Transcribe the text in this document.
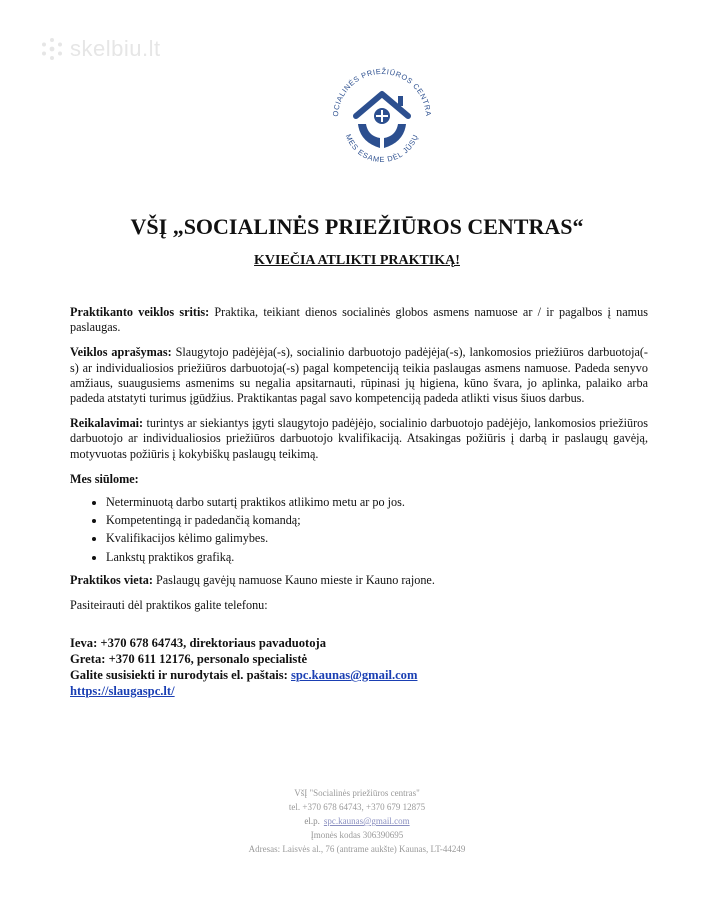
skelbiu.lt
OCIALINĖS PRIEŽIŪROS CENTRA
MES ESAME DĖL JŪSŲ
VŠĮ „SOCIALINĖS PRIEŽIŪROS CENTRAS“
KVIEČIA ATLIKTI PRAKTIKĄ!

Praktikanto veiklos sritis: Praktika, teikiant dienos socialinės globos asmens namuose ar / ir pagalbos į namus paslaugas.

Veiklos aprašymas: Slaugytojo padėjėja(-s), socialinio darbuotojo padėjėja(-s), lankomosios priežiūros darbuotoja(-s) ar individualiosios priežiūros darbuotoja(-s) pagal kompetenciją teikia paslaugas asmens namuose. Padeda senyvo amžiaus, suaugusiems asmenims su negalia apsitarnauti, rūpinasi jų higiena, kūno švara, jo aplinka, palaiko arba padeda atstatyti turimus įgūdžius. Praktikantas pagal savo kompetenciją padeda atlikti visus šiuos darbus.

Reikalavimai: turintys ar siekiantys įgyti slaugytojo padėjėjo, socialinio darbuotojo padėjėjo, lankomosios priežiūros darbuotojo ar individualiosios priežiūros darbuotojo kvalifikaciją. Atsakingas požiūris į darbą ir paslaugų gavėją, motyvuotas požiūris į kokybiškų paslaugų teikimą.

Mes siūlome:

• Neterminuotą darbo sutartį praktikos atlikimo metu ar po jos.
• Kompetentingą ir padedančią komandą;
• Kvalifikacijos kėlimo galimybes.
• Lankstų praktikos grafiką.

Praktikos vieta: Paslaugų gavėjų namuose Kauno mieste ir Kauno rajone.

Pasiteirauti dėl praktikos galite telefonu:

Ieva: +370 678 64743, direktoriaus pavaduotoja
Greta: +370 611 12176, personalo specialistė
Galite susisiekti ir nurodytais el. paštais: spc.kaunas@gmail.com
https://slaugaspc.lt/
VšĮ "Socialinės priežiūros centras"
tel. +370 678 64743, +370 679 12875
el.p. spc.kaunas@gmail.com
Įmonės kodas 306390695
Adresas: Laisvės al., 76 (antrame aukšte) Kaunas, LT-44249
